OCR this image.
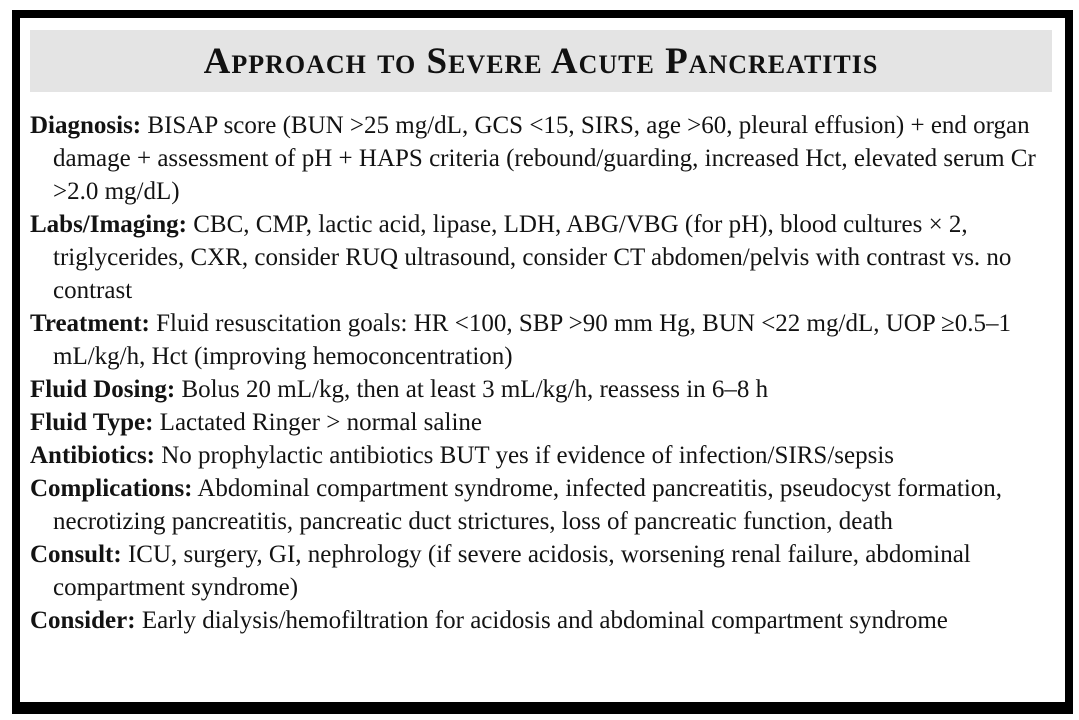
Approach to Severe Acute Pancreatitis

Diagnosis: BISAP score (BUN >25 mg/dL, GCS <15, SIRS, age >60, pleural effusion) + end organ damage + assessment of pH + HAPS criteria (rebound/guarding, increased Hct, elevated serum Cr >2.0 mg/dL)

Labs/Imaging: CBC, CMP, lactic acid, lipase, LDH, ABG/VBG (for pH), blood cultures × 2, triglycerides, CXR, consider RUQ ultrasound, consider CT abdomen/pelvis with contrast vs. no contrast

Treatment: Fluid resuscitation goals: HR <100, SBP >90 mm Hg, BUN <22 mg/dL, UOP ≥0.5–1 mL/kg/h, Hct (improving hemoconcentration)

Fluid Dosing: Bolus 20 mL/kg, then at least 3 mL/kg/h, reassess in 6–8 h

Fluid Type: Lactated Ringer > normal saline

Antibiotics: No prophylactic antibiotics BUT yes if evidence of infection/SIRS/sepsis

Complications: Abdominal compartment syndrome, infected pancreatitis, pseudocyst formation, necrotizing pancreatitis, pancreatic duct strictures, loss of pancreatic function, death

Consult: ICU, surgery, GI, nephrology (if severe acidosis, worsening renal failure, abdominal compartment syndrome)

Consider: Early dialysis/hemofiltration for acidosis and abdominal compartment syndrome
